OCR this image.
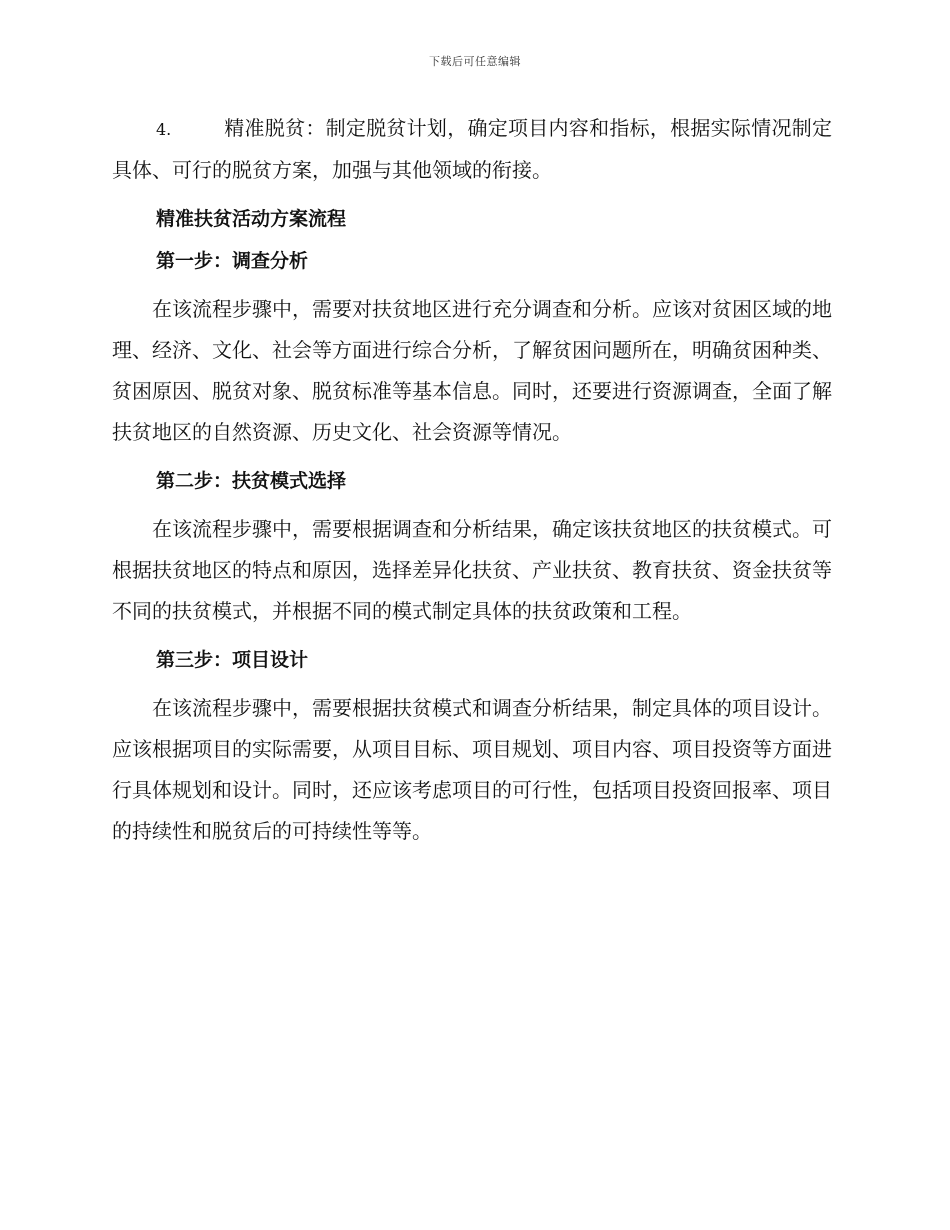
下载后可任意编辑

4.	精准脱贫：制定脱贫计划，确定项目内容和指标，根据实际情况制定具体、可行的脱贫方案，加强与其他领域的衔接。

精准扶贫活动方案流程
第一步：调查分析

在该流程步骤中，需要对扶贫地区进行充分调查和分析。应该对贫困区域的地理、经济、文化、社会等方面进行综合分析，了解贫困问题所在，明确贫困种类、贫困原因、脱贫对象、脱贫标准等基本信息。同时，还要进行资源调查，全面了解扶贫地区的自然资源、历史文化、社会资源等情况。

第二步：扶贫模式选择

在该流程步骤中，需要根据调查和分析结果，确定该扶贫地区的扶贫模式。可根据扶贫地区的特点和原因，选择差异化扶贫、产业扶贫、教育扶贫、资金扶贫等不同的扶贫模式，并根据不同的模式制定具体的扶贫政策和工程。

第三步：项目设计

在该流程步骤中，需要根据扶贫模式和调查分析结果，制定具体的项目设计。应该根据项目的实际需要，从项目目标、项目规划、项目内容、项目投资等方面进行具体规划和设计。同时，还应该考虑项目的可行性，包括项目投资回报率、项目的持续性和脱贫后的可持续性等等。
